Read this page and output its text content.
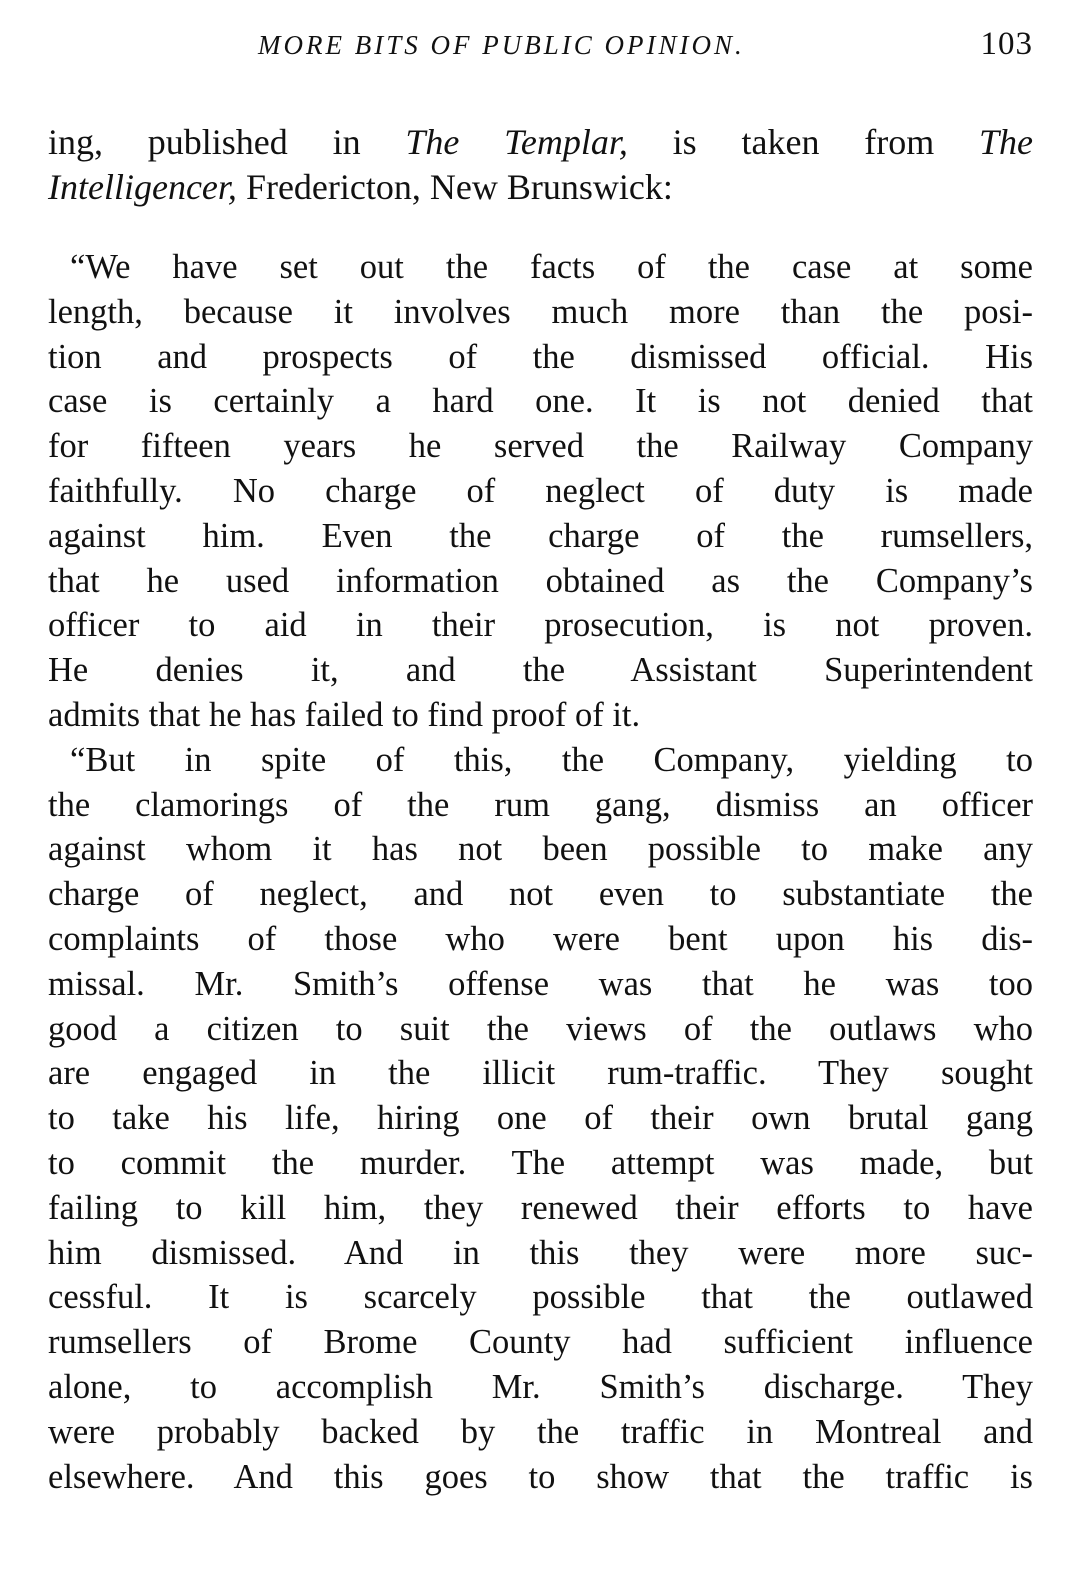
MORE BITS OF PUBLIC OPINION.	103
ing, published in The Templar, is taken from The
Intelligencer, Fredericton, New Brunswick:
“We have set out the facts of the case at some
length, because it involves much more than the posi-
tion and prospects of the dismissed official. His
case is certainly a hard one. It is not denied that
for fifteen years he served the Railway Company
faithfully. No charge of neglect of duty is made
against him. Even the charge of the rumsellers,
that he used information obtained as the Company’s
officer to aid in their prosecution, is not proven.
He denies it, and the Assistant Superintendent
admits that he has failed to find proof of it.
“But in spite of this, the Company, yielding to
the clamorings of the rum gang, dismiss an officer
against whom it has not been possible to make any
charge of neglect, and not even to substantiate the
complaints of those who were bent upon his dis-
missal. Mr. Smith’s offense was that he was too
good a citizen to suit the views of the outlaws who
are engaged in the illicit rum-traffic. They sought
to take his life, hiring one of their own brutal gang
to commit the murder. The attempt was made, but
failing to kill him, they renewed their efforts to have
him dismissed. And in this they were more suc-
cessful. It is scarcely possible that the outlawed
rumsellers of Brome County had sufficient influence
alone, to accomplish Mr. Smith’s discharge. They
were probably backed by the traffic in Montreal and
elsewhere. And this goes to show that the traffic is
